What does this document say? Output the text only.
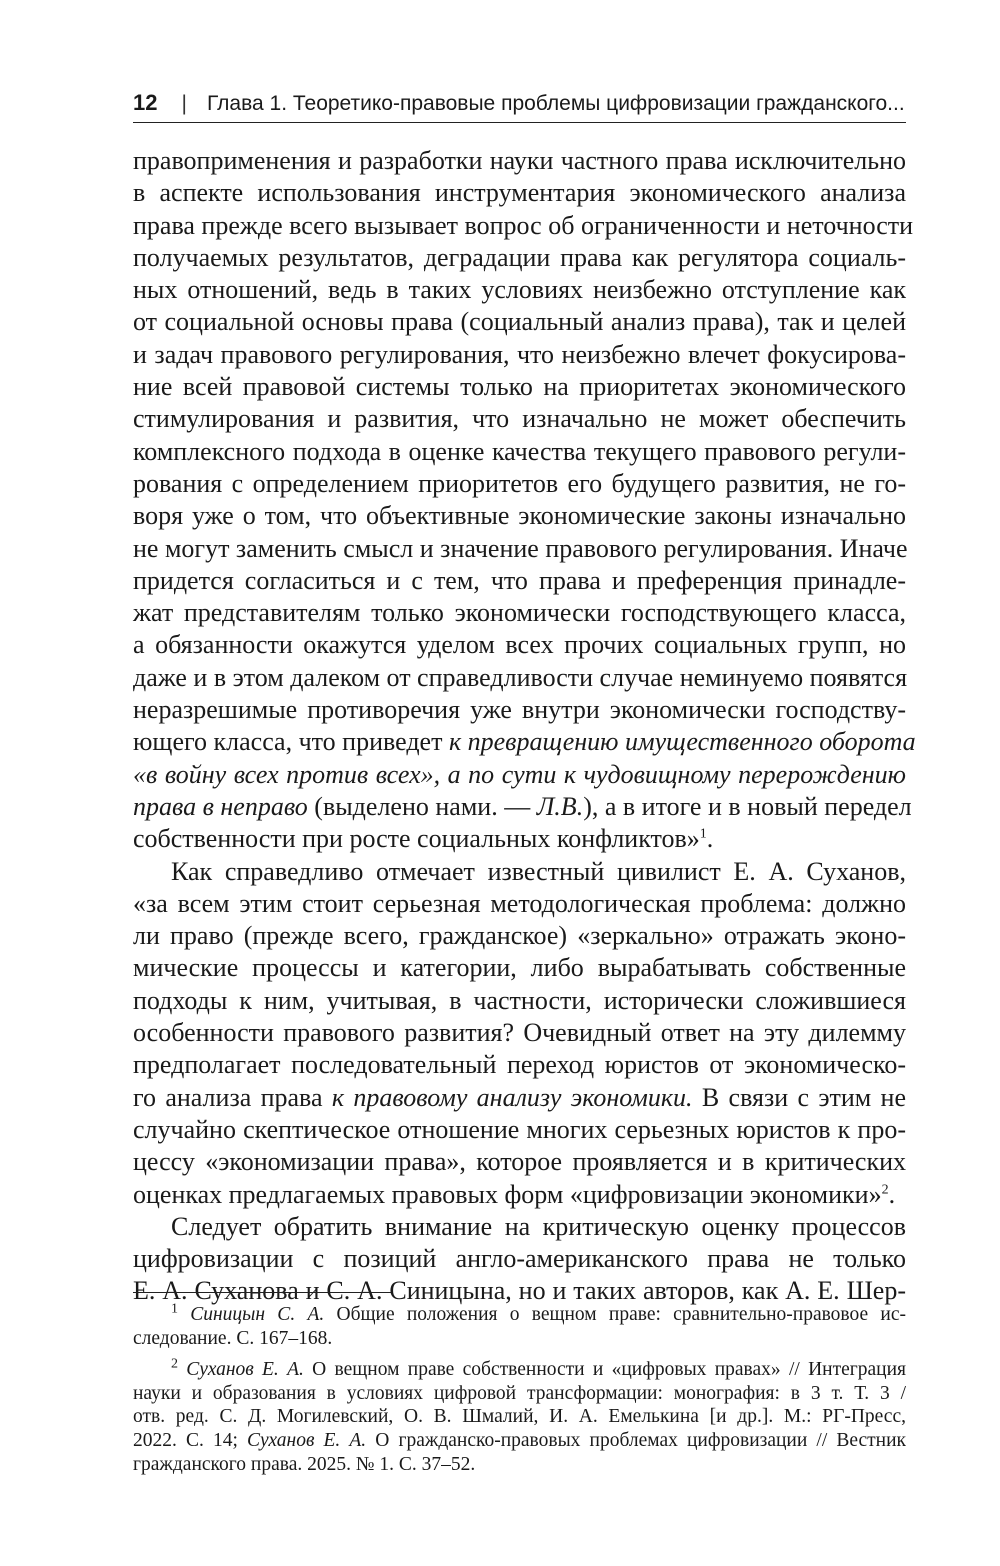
12 | Глава 1. Теоретико-правовые проблемы цифровизации гражданского...
правоприменения и разработки науки частного права исключительно
в аспекте использования инструментария экономического анализа
права прежде всего вызывает вопрос об ограниченности и неточности
получаемых результатов, деградации права как регулятора социаль-
ных отношений, ведь в таких условиях неизбежно отступление как
от социальной основы права (социальный анализ права), так и целей
и задач правового регулирования, что неизбежно влечет фокусирова-
ние всей правовой системы только на приоритетах экономического
стимулирования и развития, что изначально не может обеспечить
комплексного подхода в оценке качества текущего правового регули-
рования с определением приоритетов его будущего развития, не го-
воря уже о том, что объективные экономические законы изначально
не могут заменить смысл и значение правового регулирования. Иначе
придется согласиться и с тем, что права и преференция принадле-
жат представителям только экономически господствующего класса,
а обязанности окажутся уделом всех прочих социальных групп, но
даже и в этом далеком от справедливости случае неминуемо появятся
неразрешимые противоречия уже внутри экономически господству-
ющего класса, что приведет к превращению имущественного оборота
«в войну всех против всех», а по сути к чудовищному перерождению
права в неправо (выделено нами. — Л.В.), а в итоге и в новый передел
собственности при росте социальных конфликтов»$^1$.
Как справедливо отмечает известный цивилист Е. А. Суханов,
«за всем этим стоит серьезная методологическая проблема: должно
ли право (прежде всего, гражданское) «зеркально» отражать эконо-
мические процессы и категории, либо вырабатывать собственные
подходы к ним, учитывая, в частности, исторически сложившиеся
особенности правового развития? Очевидный ответ на эту дилемму
предполагает последовательный переход юристов от экономическо-
го анализа права к правовому анализу экономики. В связи с этим не
случайно скептическое отношение многих серьезных юристов к про-
цессу «экономизации права», которое проявляется и в критических
оценках предлагаемых правовых форм «цифровизации экономики»$^2$.
Следует обратить внимание на критическую оценку процессов
цифровизации с позиций англо-американского права не только
Е. А. Суханова и С. А. Синицына, но и таких авторов, как А. Е. Шер-
$^1$ Синицын С. А. Общие положения о вещном праве: сравнительно-правовое ис-
следование. С. 167–168.
$^2$ Суханов Е. А. О вещном праве собственности и «цифровых правах» // Интеграция
науки и образования в условиях цифровой трансформации: монография: в 3 т. Т. 3 /
отв. ред. С. Д. Могилевский, О. В. Шмалий, И. А. Емелькина [и др.]. М.: РГ-Пресс,
2022. С. 14; Суханов Е. А. О гражданско-правовых проблемах цифровизации // Вестник
гражданского права. 2025. № 1. С. 37–52.
